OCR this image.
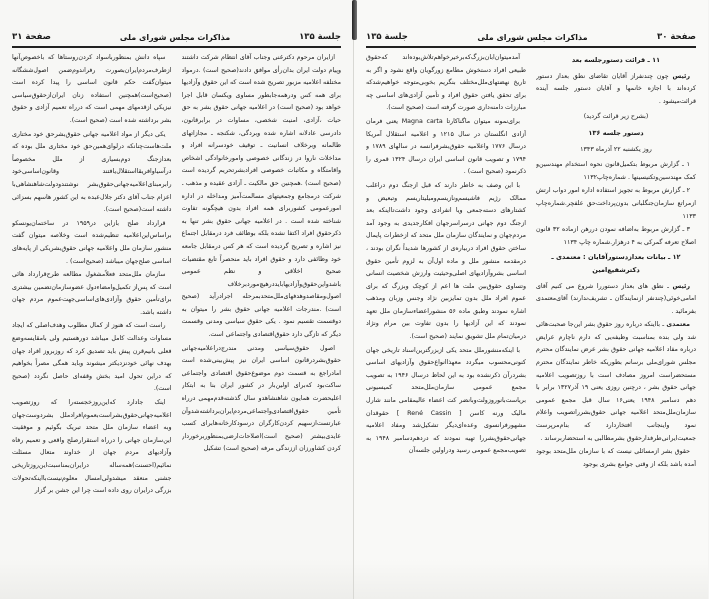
جلسة ۱۳۵
مذاکرات مجلس شورای ملی
صفحة ۳۱

ازایران مرحوم دکترغنی وجناب آقای انتظام شرکت داشتند وپیام دولت ایران بدان‌رأی موافق دادند(صحیح است) .درمواد مختلفه اعلامیه مزبور تصریح شده است که این حقوق وآزادیها برای همه کس ودرهمه‌جابطور مساوی ویکسان قابل اجرا خواهد بود (صحیح است) در اعلامیه جهانی حقوق بشر به حق حیات ،آزادی، امنیت شخصی، مساوات در برابرقانون، دادرسی عادلانه اشاره شده وبردگی، شکنجه ـ مجازاتهای ظالمانه وبرخلاف انسانیت ـ توقیف خودسرانه افراد و مداخلات ناروا در زندگانی خصوصی وامورخانوادگی اشخاص واقامتگاه و مکاتبات خصوصی افرادبشرتحریم گردیده است (صحیح است) .همچنین حق مالکیت ـ آزادی عقیده و مذهب ـ شرکت درمجامع وجمعیتهای مسالمت‌آمیز ومداخله در اداره امورعمومی کشوربرای همه افراد بدون هیچگونه تفاوت شناخته شده است . در اعلامیه جهانی حقوق بشر تنها به ذکرحقوق افراد اکتفا نشده بلکه بوظائف فرد درمقابل اجتماع نیز اشاره و تصریح گردیده است که هر کس درمقابل جامعه خود وظائفی دارد و حقوق افراد باید منحصراً تابع مقتضیات صحیح اخلاقی و نظم عمومی باشدواین‌حقوق‌وآزادیهاباید‌درهیچ‌موردبرخلاف اصول‌ومقاصدوهدفهای‌ملل‌متحدبمرحله اجرادرآید (صحیح است) .مندرجات اعلامیه جهانی حقوق بشر را میتوان به دوقسمت تقسیم نمود . یکی حقوق سیاسی ومدنی وقسمت دیگر که تازگی دارد حقوق‌اقتصادی واجتماعی است.

اصول حقوق‌سیاسی ومدنی مندرج‌دراعلامیه‌جهانی حقوق‌بشردرقانون اساسی ایران نیز پیش‌بینی‌شده است امادراجع به قسمت دوم موضوع‌حقوق اقتصادی واجتماعی ساکت‌بود که‌برای اولین‌بار در کشور ایران بنا به ابتکار اعلیحضرت همایون شاهنشاهدو سال گذشته‌قدم‌مهمی درراه تأمین حقوق‌اقتصادی‌واجتماعی‌مردم‌ایران‌برداشته‌شدوآن عبارتست‌ازسهیم کردن‌کارگران درسودکارخانه‌هابرای کسب عایدی‌بیشتر (صحیح است)اصلاحات‌ارضی‌بمنظوربرخوردار کردن کشاورزان اززندگی مرفه (صحیح است) تشکیل

سپاه دانش بمنظورباسواد کردن‌روستاها که باخصوص‌آنها ازطرف‌مردم‌ایران‌بصورت رفراندوم‌ضمن اصول‌ششگانه میتوان‌گفت حکم قانون اساسی را پیدا کرده است (صحیح‌است)همچنین استفاده زنان ایران‌ازحقوق‌سیاسی نیزیکی ازقدمهای مهمی است که درراه تعمیم آزادی و حقوق بشر برداشته شده است (صحیح است).

یکی دیگر از مواد اعلامیه جهانی حقوق‌بشرحق خود مختاری ملت‌هاست‌چنانکه درلوای‌همین‌حق خود مختاری ملل بوده که بعدازجنگ دوم‌بسیاری از ملل مخصوصاً درآسیاوافریقااستقلال‌یافتند وقانون‌اساسی‌خود رابرمبنای‌اعلامیه‌جهانی‌حقوق‌بشر نوشتندودولت‌شاهنشاهی‌با اعزام جناب آقای دکتر جلال‌عبده به این کشور ها‌سهم بسزائی داشته است(صحیح است).

قرارداد صلح بازاین در۱۹۵۹ در ساختمان‌یونسکو براساس‌این‌اعلامیه تنظیم‌شده است وخلاصه میتوان گفت منشور سازمان ملل واعلامیه جهانی حقوق‌بشریکی از پایه‌های اساسی صلح‌جهان میباشد (صحیح‌است) .

سازمان ملل‌متحد فعلاً‌مشغول مطالعه طرح‌قرارداد هائی است که پس‌از تکمیل‌وامضاءدول عضوسازمان‌تضمین بیشتری برای‌تأمین حقوق وآزادی‌های‌اساسی‌جهت‌عموم مردم جهان داشته باشد.

راست است که هنوز از کمال مطلوب وهدف‌اصلی که ایجاد مساوات وعدالت کامل میباشد دورهستیم ولی بامقایسه‌وضع فعلی بانیم‌قرن پیش باید تصدیق کرد که روزبروز افراد جهان بهدف نهائی خودنزدیکتر میشوند وباید همگی مصراً بخواهیم که دراین تحول امید بخش وقفه‌ای حاصل نگردد (صحیح است).

اینک جادارد که‌این‌روزخجسته‌را که روزتصویب اعلامیه‌جهانی‌حقوق‌بشراست‌بعموم‌افرادملل بشر‌دوست‌جهان وبه اعضاء سازمان ملل متحد تبریک بگوئیم و موفقیت این‌سازمان جهانی را درراه استقرارصلح واقعی و تعمیم رفاه وآزادیهای مردم جهان از خداوند متعال مسئلت نمائیم(احسنت)همه‌ساله درایران‌بمناسبت‌این‌روزتاریخی جشنی منعقد میشدولی‌امسال معلوم‌نیست‌بااینکه‌تحولات بزرگی درایران روی داده است چرا این جشن بر گزار

صفحة ۳۰
مذاکرات مجلس شورای ملی
جلسة ۱۳۵
۱۱ ـ قرائت دستورجلسه بعد

رئیس چون چندنفراز آقایان تقاضای نطق بعداز دستور کرده‌اند با اجازه خانمها و آقایان دستور جلسه آینده قرائت‌میشود .

(بشرح زیر قرائت گردید)
دستور جلسه ۱۳۶
روز یکشنبه ۲۲ آذرماه ۱۳۴۳

۱ ـ گزارش مربوط بتکمیل‌قانون نحوه استخدام مهندسین‌و کمک مهندسین‌وتکنیسینها . شماره‌چاپ۱۱۳۲

۲ ـ گزارش مربوط به تجویز استفاده اداره امور دواب ارتش ازمراتع سازمان‌جنگلبانی بدون‌پرداخت‌حق علفچر.شماره‌چاپ ۱۱۳۳

۳ ـ گزارش مربوط به‌اضافه نمودن در‌رهن ازماده ۳۲ قانون اصلاح تعرفه گمرکی به ۴ درهزار.شماره چاپ ۱۱۳۴

۱۲ ـ بیانات بعدازدستور‌آقایان : معتمدی ـ دکترشفیع‌امین

رئیس ـ نطق های بعداز دستوررا شروع می کنیم آقای امامی‌خوئی(چندنفر ازنمایندگان ـ تشریف‌ندارند) آقای‌معتمدی بفرمائید .

معتمدی ـ بااینکه درباره روز حقوق بشر این‌جا صحبت‌هائی شد ولی بنده بمناسبت وظیفه‌یی که دارم ناچارم عرایض درباره مفاد اعلامیه جهانی حقوق بشر عرض نمایندگان محترم مجلس شورای‌ملی برسانم بطوریکه خاطر نمایندگان محترم مستحضراست امروز مصادف است با روزتصویب اعلامیه جهانی حقوق بشر ، درچنین روزی یعنی ۱۹ آذر۱۳۲۷ برابر با دهم دسامبر ۱۹۴۸ یعنی‌۱۶ سال قبل مجمع عمومی سازمان‌ملل‌متحد اعلامیه جهانی حقوق‌بشررا‌تصویب واعلام نمود واینجانب افتخاردارد که بنام‌مرپرست جمعیت‌ایرانی‌طرفدارحقوق بشرمطالبی به استحضاربرساند .

حقوق بشر ازمسائلی نیست که با سازمان ملل‌متحد بوجود آمده باشد بلکه از وقتی جوامع بشری بوجود

آمدمیتوان‌ابان‌بزرگ‌که‌بر‌خیرخواهم‌تلاش‌بوده‌اند که‌حقوق طبیعی افراد دستخوش مطامع زورگویان واقع نشود و اگر به تاریخ نهضتهای‌ملل‌مختلف بنگریم بخوبی‌متوجه خواهیم‌شدکه برای تحقق یافتن حقوق افراد و تأمین آزادی‌های اساسی چه مبارزات دامنه‌داری صورت گرفته است (صحیح است).

برای‌نمونه میتوان ماگناکارتا Magna carta یعنی فرمان آزادی انگلستان در سال ۱۲۱۵ و اعلامیه استقلال آمریکا درسال ۱۷۷۶ واعلامیه حقوق‌بشرفرانسه در سالهای ۱۷۸۹ و ۱۷۹۴ و تصویب قانون اساسی ایران درسال ۱۳۲۴ قمری را ذکرنمود (صحیح است) .

با این وصف به خاطر دارند که قبل ازجنگ دوم دراغلب ممالک رژیم فاشیسم‌ونازیسم‌ومیلیتاریسم وتبعیض و کشتارهای دسته‌جمعی ویا انفرادی وجود داشت‌تااینکه بعد ازجنگ دوم جهانی درسراسر‌جهان افکارجدیدی به وجود آمد مردم‌جهان و نمایندگان سازمان ملل متحد که ازخطرات پایمال ساختن حقوق افراد دربیاره‌ی از کشورها شدیداً نگران بودند ، درمقدمه منشور ملل و ماده اول‌آن به لزوم تأمین حقوق اساسی بشرو‌آزادیهای اصلی‌وحیثیت وارزش شخصیت انسانی وتساوی حقوق‌بین ملت ها اعم از کوچک وبزرگ که برای عموم افراد ملل بدون تمایزبین نژاد وجنس وزبان ومذهب اشاره نمودند وطبق ماده ۵۶ منشوراعضاءسازمان ملل تعهد نمودند که این آزادیها را بدون تفاوت بین مرام ونژاد درمیان‌تمام ملل تشویق نمایند (صحیح است).

با اینکه‌منشورملل متحد یکی ازبزرگترین‌اسناد تاریخی جهان کنونی‌محسوب میگردد معهذاانواع‌حقوق وآزادیهای اساسی بشردرآن ذکرنشده بود به این لحاظ درسال ۱۹۴۶ به تصویب مجمع عمومی سازمان‌ملل‌متحد کمیسیونی بریاست‌بانوروزولت‌وبانضر کت اعضاء عالیمقامی مانند شارل مالیک ورنه کاسن [ René Cassin ] حقوقدان مشهورفرانسوی وعده‌ای‌دیگر تشکیل‌شد ومفاد اعلامیه جهانی‌حقوق‌بشررا تهیه نمودند که دردهم‌دسامبر ۱۹۴۸ به تصویب‌مجمع عمومی رسید ودراولین جلسه‌آن
